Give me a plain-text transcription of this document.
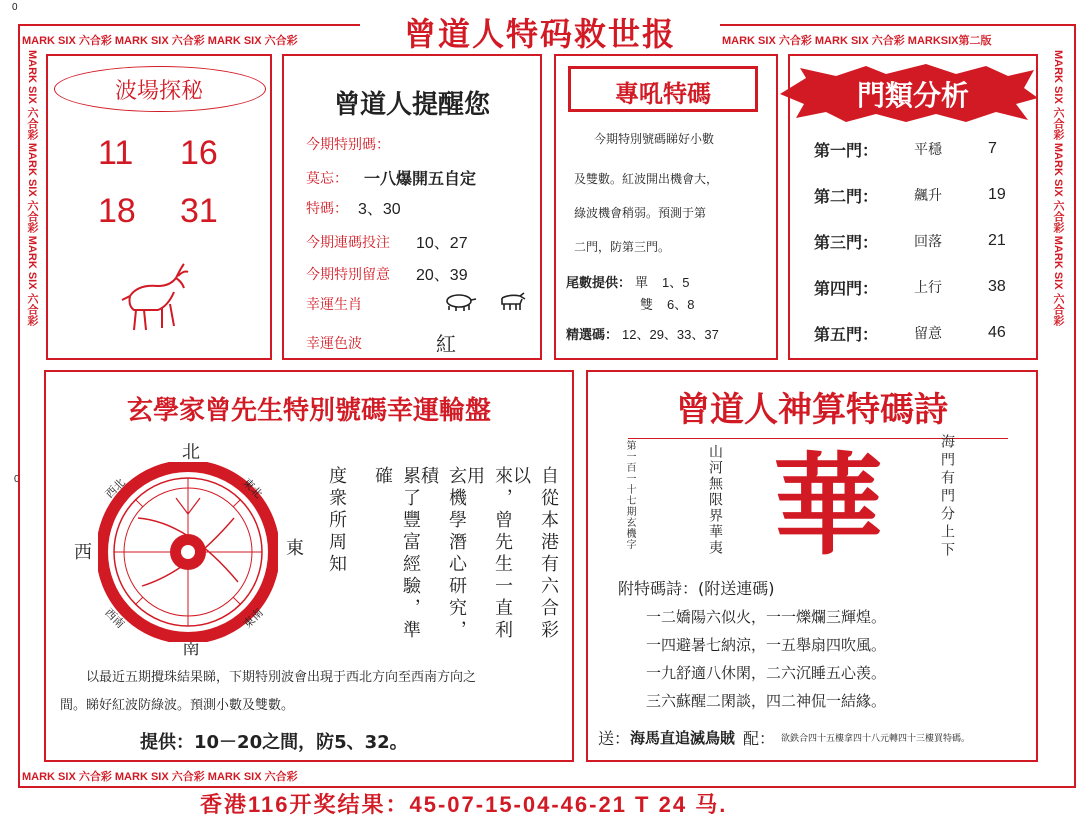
0
0
MARK SIX 六合彩 MARK SIX 六合彩 MARK SIX 六合彩	MARK SIX 六合彩 MARK SIX 六合彩 MARKSIX第二版
MARK SIX 六合彩 MARK SIX 六合彩 MARK SIX 六合彩
MARK SIX 六合彩 MARK SIX 六合彩 MARK SIX 六合彩	MARK SIX 六合彩 MARK SIX 六合彩 MARK SIX 六合彩
曾道人特码救世报
波場探秘
11 16
18 31
曾道人提醒您
今期特别碼：
莫忘： 一八爆開五自定
特碼： 3、30
今期連碼投注 10、27
今期特別留意 20、39
幸運生肖
幸運色波	紅
專吼特碼
今期特別號碼睇好小數
及雙數。紅波開出機會大，
綠波機會稍弱。預測于第
二門，防第三門。
尾數提供： 單 1、5
雙 6、8
精選碼： 12、29、33、37
門類分析
第一門：	平穩	7
第二門：	飆升	19
第三門：	回落	21
第四門：	上行	38
第五門：	留意	46
玄學家曾先生特別號碼幸運輪盤
北
南
西	東
西北	東北
西南	東南	自從本港有六合彩以
來，曾先生一直利用
玄機學潛心研究，積
累了豐富經驗，準確
度衆所周知
以最近五期攪珠結果睇，下期特別波會出現于西北方向至西南方向之
間。睇好紅波防綠波。預測小數及雙數。
提供：10－20之間，防5、32。
曾道人神算特碼詩
第一百一十七期玄機字	山河無限界華夷	海門有門分上下
華
附特碼詩：(附送連碼)
一二嬌陽六似火，一一爍爛三輝煌。
一四避暑七納涼，一五舉扇四吹風。
一九舒適八休閑，二六沉睡五心羡。
三六蘇醒二閑談，四二神侃一結緣。
送： 海馬直追滅鳥賊 配： 欲鉄合四十五樓拿四十八元轉四十三樓買特碼。
香港116开奖结果：45-07-15-04-46-21 T 24 马.
